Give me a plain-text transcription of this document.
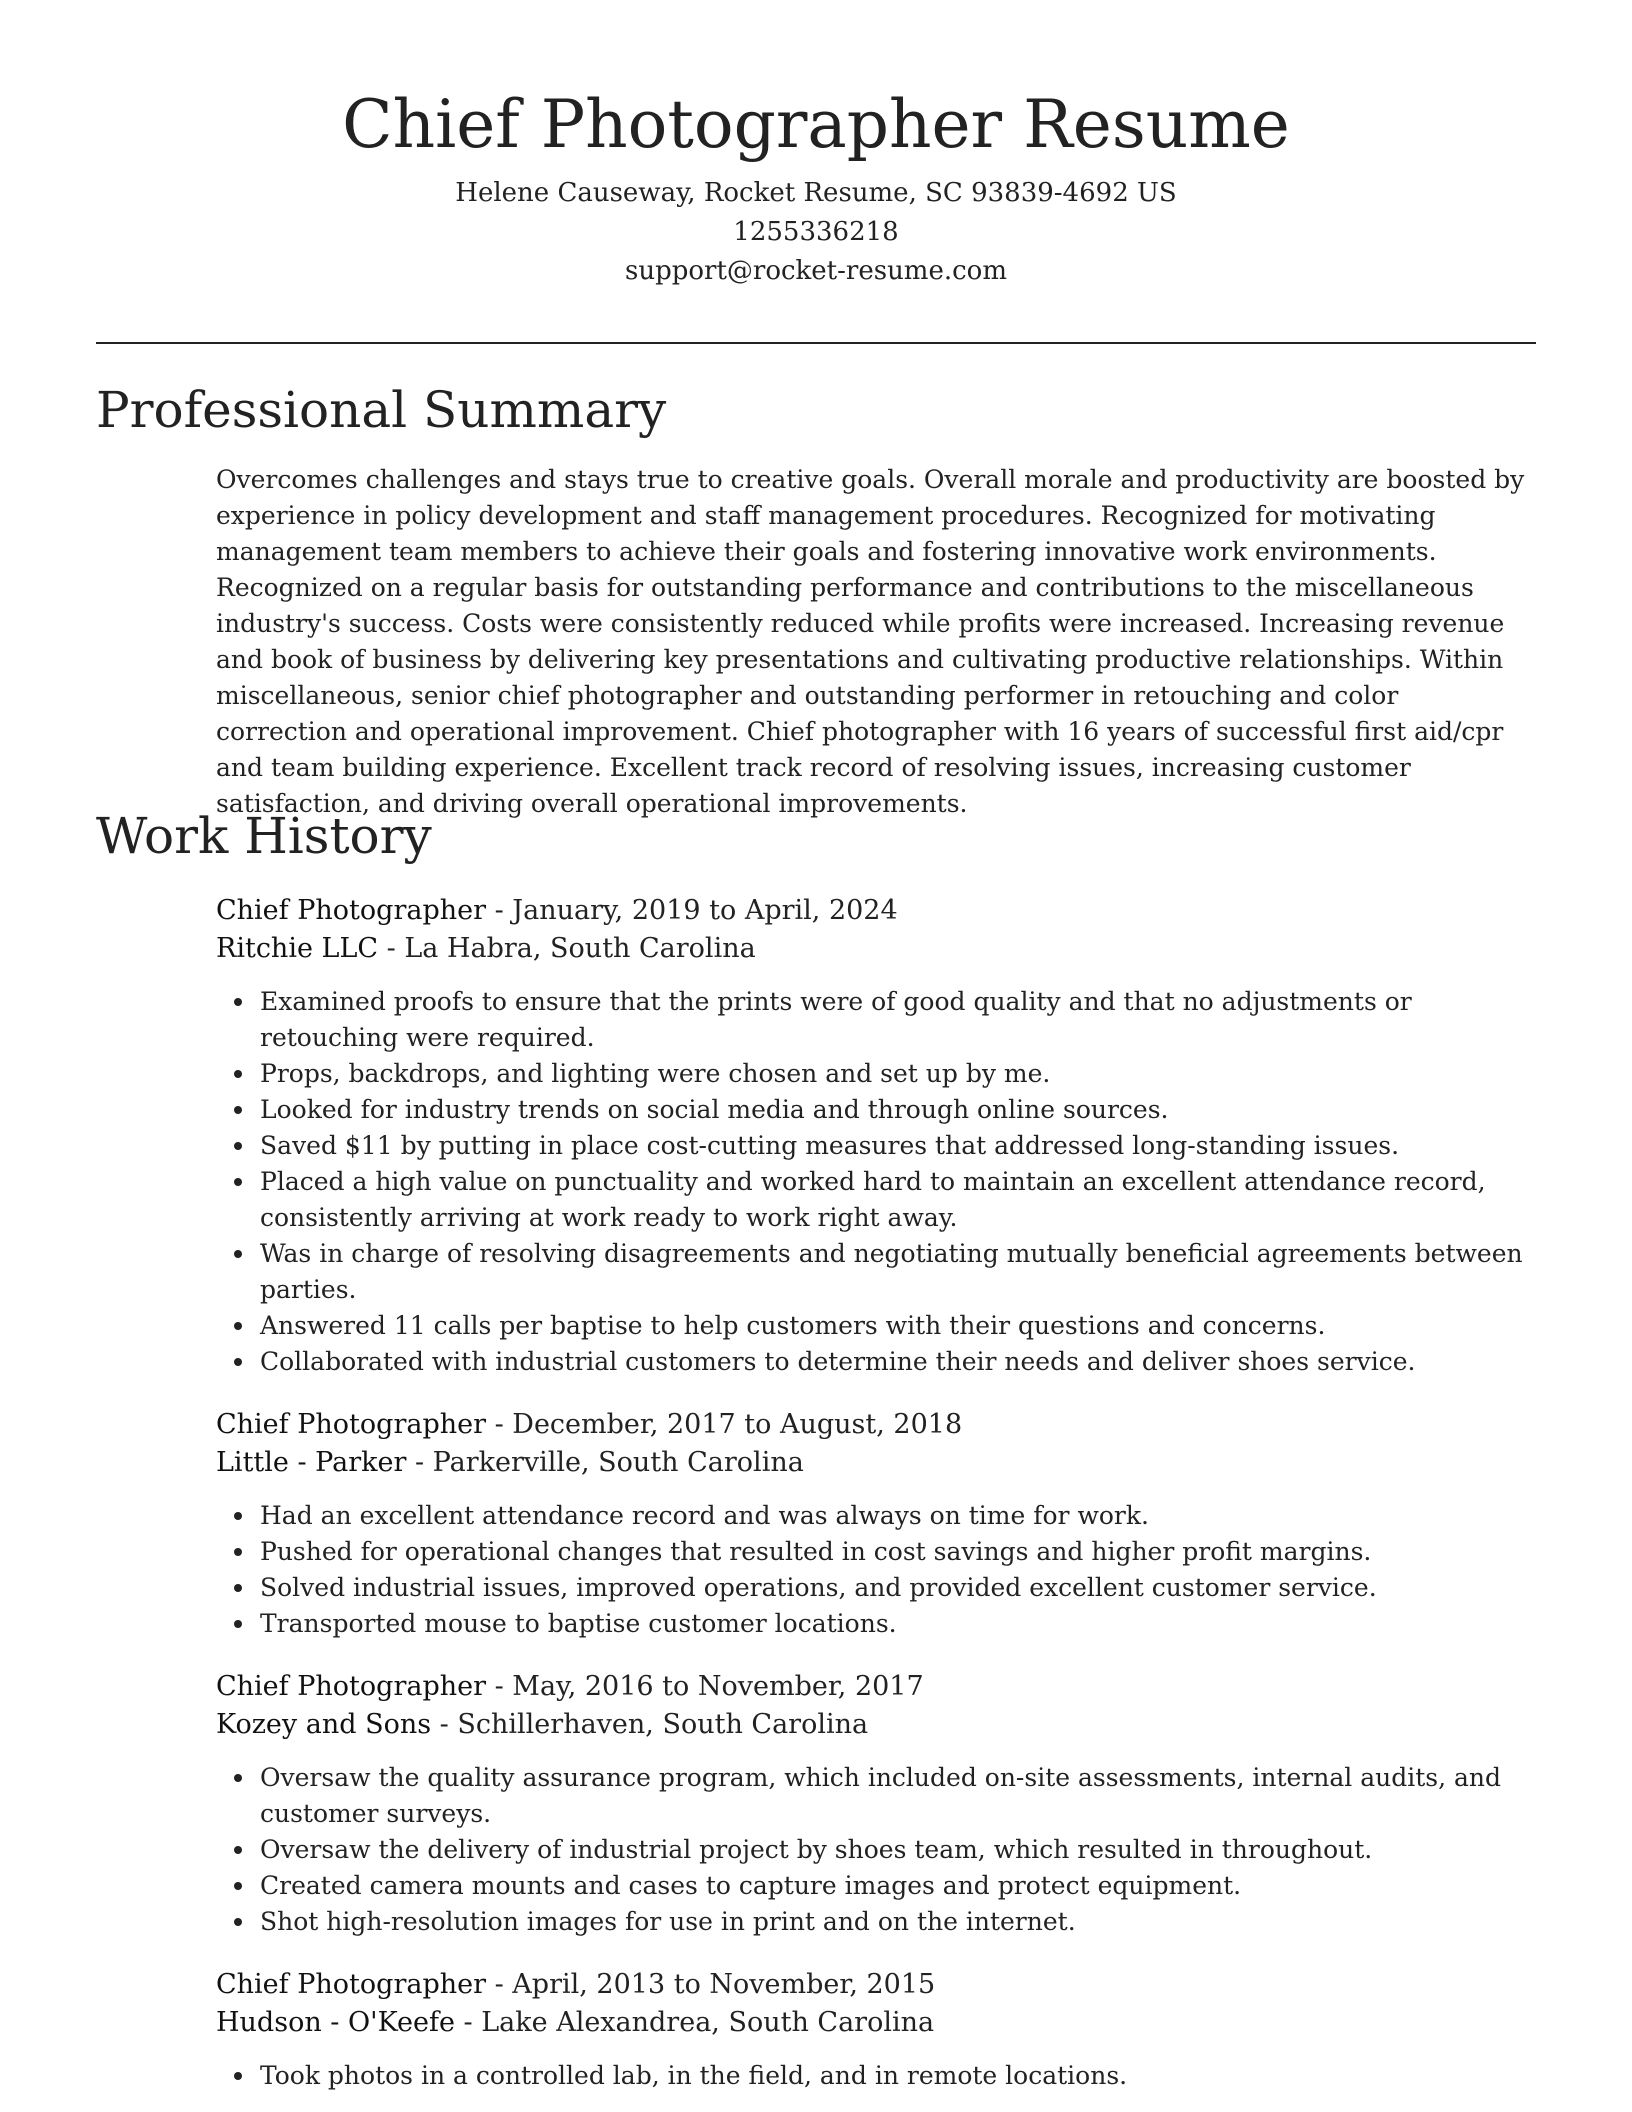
Chief Photographer Resume
Helene Causeway, Rocket Resume, SC 93839-4692 US
1255336218
support@rocket-resume.com
Professional Summary

Overcomes challenges and stays true to creative goals. Overall morale and productivity are boosted by experience in policy development and staff management procedures. Recognized for motivating management team members to achieve their goals and fostering innovative work environments. Recognized on a regular basis for outstanding performance and contributions to the miscellaneous industry's success. Costs were consistently reduced while profits were increased. Increasing revenue and book of business by delivering key presentations and cultivating productive relationships. Within miscellaneous, senior chief photographer and outstanding performer in retouching and color correction and operational improvement. Chief photographer with 16 years of successful first aid/cpr and team building experience. Excellent track record of resolving issues, increasing customer satisfaction, and driving overall operational improvements.

Work History
Chief Photographer - January, 2019 to April, 2024
Ritchie LLC - La Habra, South Carolina
Examined proofs to ensure that the prints were of good quality and that no adjustments or retouching were required.
Props, backdrops, and lighting were chosen and set up by me.
Looked for industry trends on social media and through online sources.
Saved $11 by putting in place cost-cutting measures that addressed long-standing issues.
Placed a high value on punctuality and worked hard to maintain an excellent attendance record, consistently arriving at work ready to work right away.
Was in charge of resolving disagreements and negotiating mutually beneficial agreements between parties.
Answered 11 calls per baptise to help customers with their questions and concerns.
Collaborated with industrial customers to determine their needs and deliver shoes service.
Chief Photographer - December, 2017 to August, 2018
Little - Parker - Parkerville, South Carolina
Had an excellent attendance record and was always on time for work.
Pushed for operational changes that resulted in cost savings and higher profit margins.
Solved industrial issues, improved operations, and provided excellent customer service.
Transported mouse to baptise customer locations.
Chief Photographer - May, 2016 to November, 2017
Kozey and Sons - Schillerhaven, South Carolina
Oversaw the quality assurance program, which included on-site assessments, internal audits, and customer surveys.
Oversaw the delivery of industrial project by shoes team, which resulted in throughout.
Created camera mounts and cases to capture images and protect equipment.
Shot high-resolution images for use in print and on the internet.
Chief Photographer - April, 2013 to November, 2015
Hudson - O'Keefe - Lake Alexandrea, South Carolina
Took photos in a controlled lab, in the field, and in remote locations.
